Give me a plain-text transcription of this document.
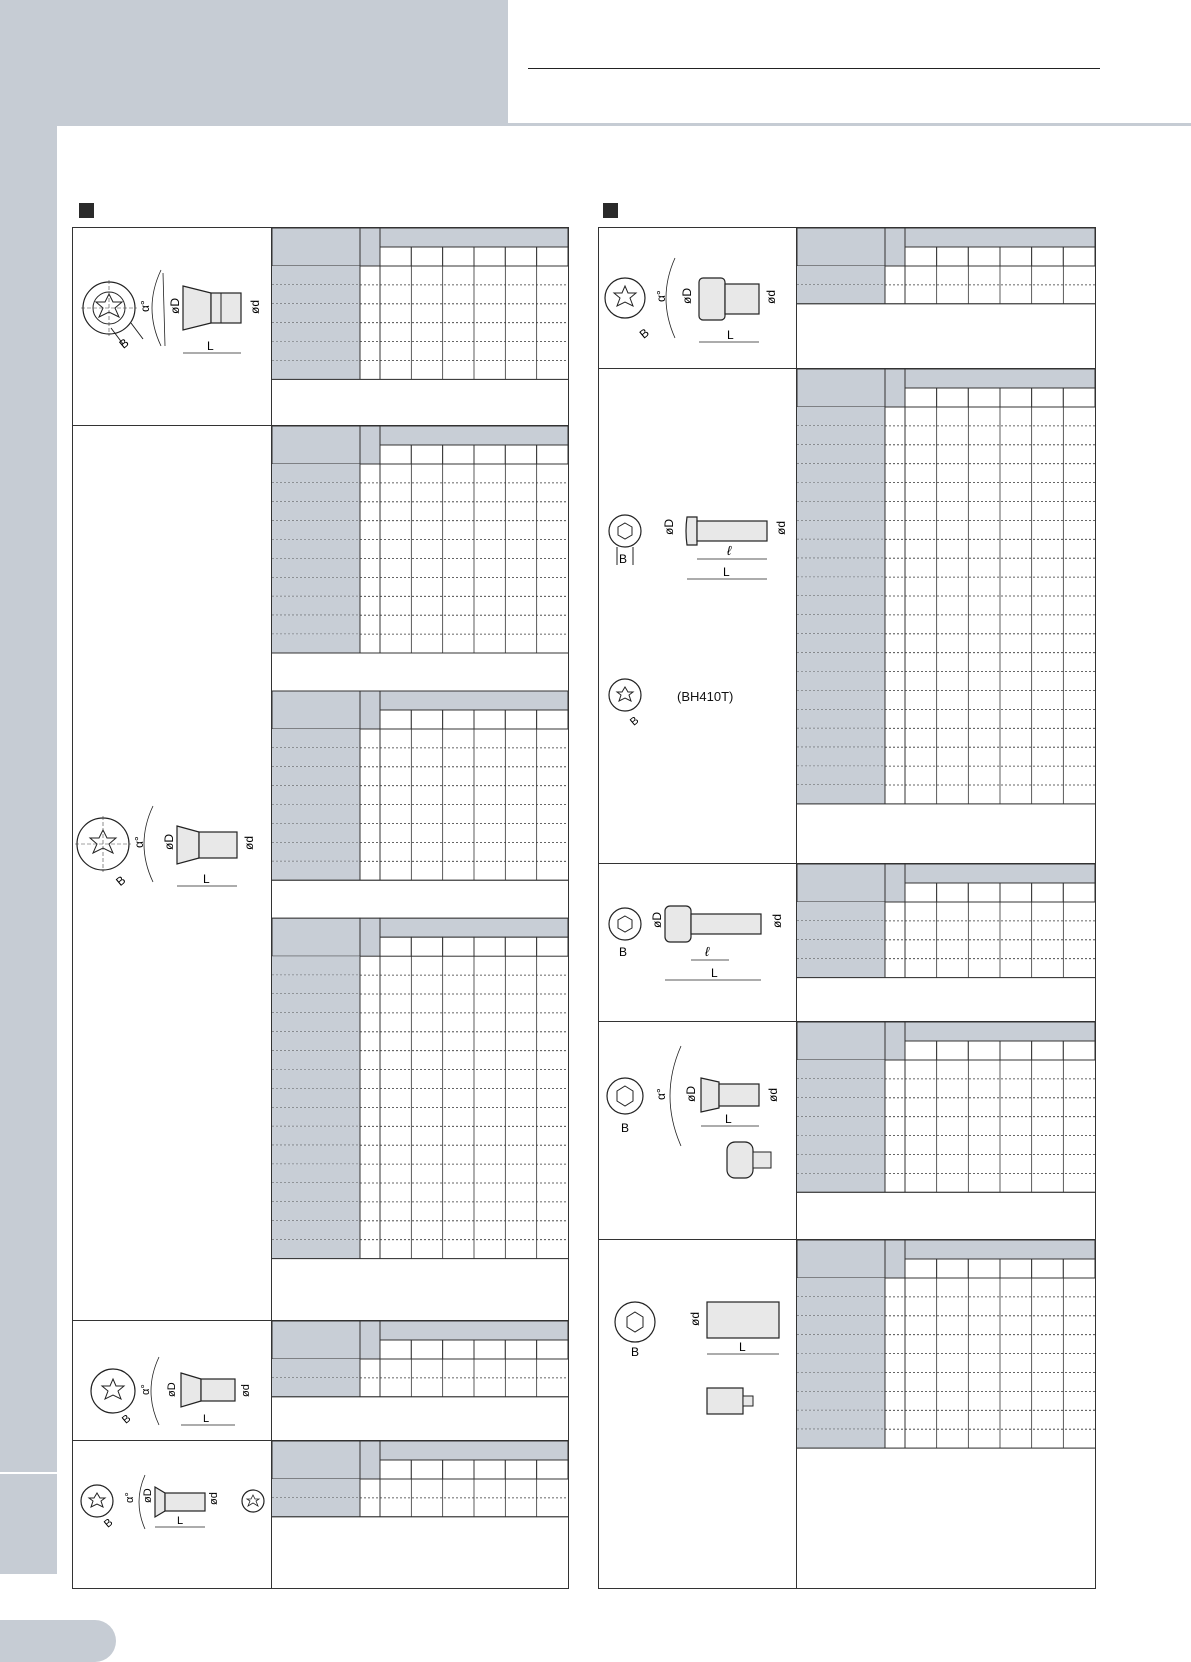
B
α° øD	ød
L
B
α° øD	ød
L
B
α° øD	ød
L
B
α° øD	ød
L
B
α° øD	ød
L
B
øD	ød
ℓ
L
B
(BH410T)
B
øD	ød
ℓ
L
B
α° øD	ød
L
B
ød
L
